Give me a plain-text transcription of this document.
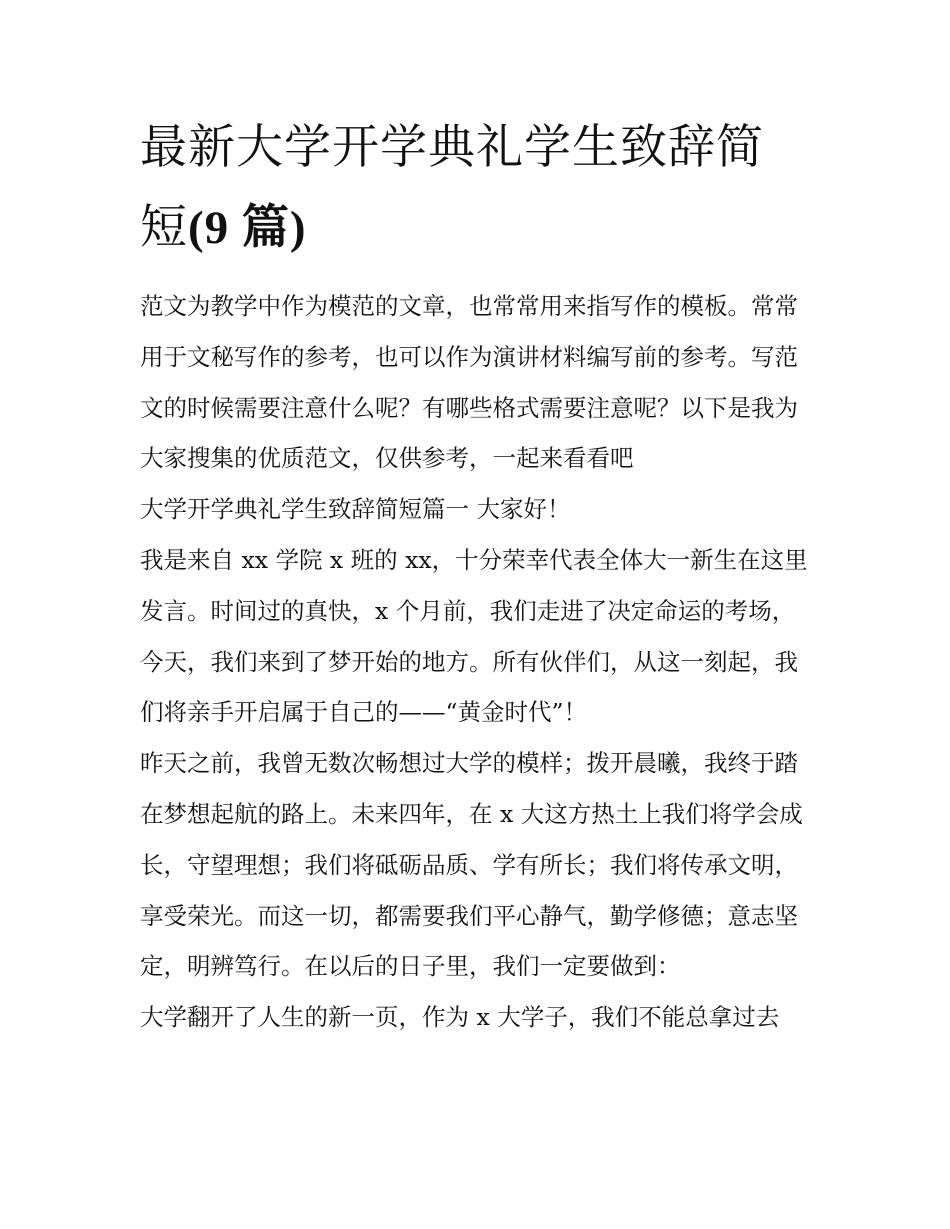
最新大学开学典礼学生致辞简
短(9 篇)

范文为教学中作为模范的文章，也常常用来指写作的模板。常常用于文秘写作的参考，也可以作为演讲材料编写前的参考。写范文的时候需要注意什么呢？有哪些格式需要注意呢？以下是我为大家搜集的优质范文，仅供参考，一起来看看吧

大学开学典礼学生致辞简短篇一 大家好！

我是来自 xx 学院 x 班的 xx，十分荣幸代表全体大一新生在这里发言。时间过的真快，x 个月前，我们走进了决定命运的考场，今天，我们来到了梦开始的地方。所有伙伴们，从这一刻起，我们将亲手开启属于自己的——“黄金时代”！

昨天之前，我曾无数次畅想过大学的模样；拨开晨曦，我终于踏在梦想起航的路上。未来四年，在 x 大这方热土上我们将学会成长，守望理想；我们将砥砺品质、学有所长；我们将传承文明，享受荣光。而这一切，都需要我们平心静气，勤学修德；意志坚定，明辨笃行。在以后的日子里，我们一定要做到：

大学翻开了人生的新一页，作为 x 大学子，我们不能总拿过去
